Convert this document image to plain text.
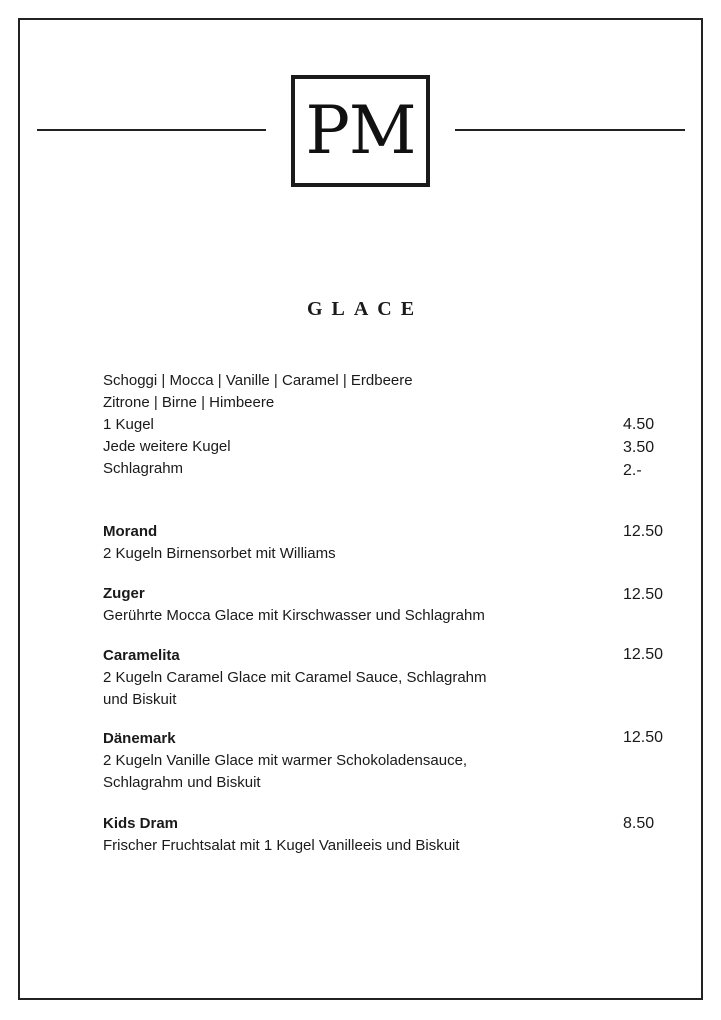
PM
GLACE
Schoggi | Mocca | Vanille | Caramel | Erdbeere
Zitrone | Birne | Himbeere
1 Kugel	4.50
Jede weitere Kugel	3.50
Schlagrahm	2.-
Morand	12.50
2 Kugeln Birnensorbet mit Williams
Zuger	12.50
Gerührte Mocca Glace mit Kirschwasser und Schlagrahm
Caramelita	12.50
2 Kugeln Caramel Glace mit Caramel Sauce, Schlagrahm
und Biskuit
Dänemark	12.50
2 Kugeln Vanille Glace mit warmer Schokoladensauce,
Schlagrahm und Biskuit
Kids Dram	8.50
Frischer Fruchtsalat mit 1 Kugel Vanilleeis und Biskuit
